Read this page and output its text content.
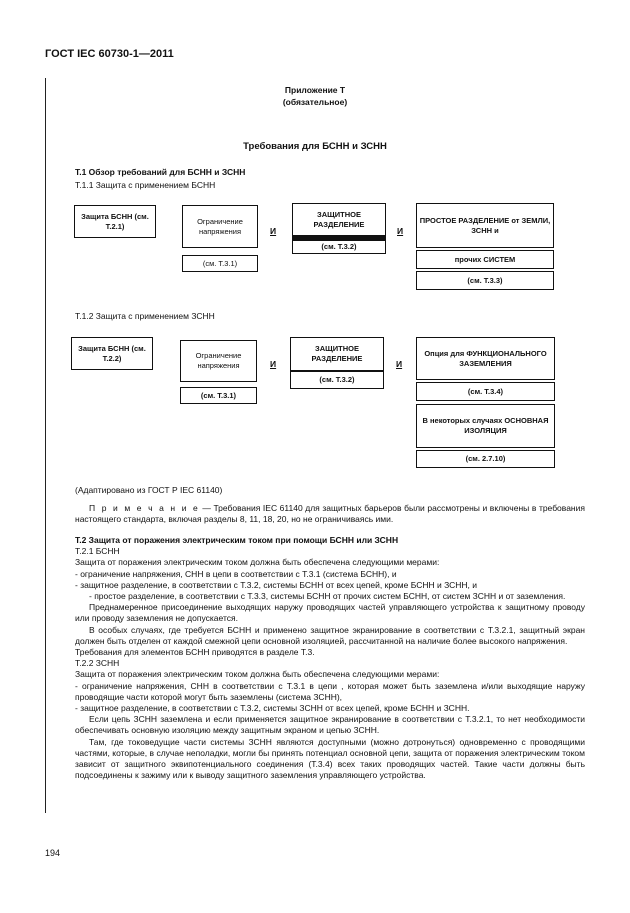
ГОСТ IEC 60730-1—2011
Приложение Т
(обязательное)
Требования для БСНН и ЗСНН
Т.1 Обзор требований для БСНН и ЗСНН
Т.1.1 Защита с применением БСНН
Защита БСНН (см. Т.2.1)
Ограничение напряжения
(см. Т.3.1)
И
ЗАЩИТНОЕ РАЗДЕЛЕНИЕ
(см. Т.3.2)
И
ПРОСТОЕ РАЗДЕЛЕНИЕ от ЗЕМЛИ, ЗСНН и
прочих СИСТЕМ
(см. Т.3.3)
Т.1.2 Защита с применением ЗСНН
Защита БСНН (см. Т.2.2)	Ограничение напряжения
(см. Т.3.1)
И
ЗАЩИТНОЕ РАЗДЕЛЕНИЕ
(см. Т.3.2)
И
Опция для ФУНКЦИОНАЛЬНОГО ЗАЗЕМЛЕНИЯ
(см. Т.3.4)
В некоторых случаях ОСНОВНАЯ ИЗОЛЯЦИЯ
(см. 2.7.10)
(Адаптировано из ГОСТ Р IEC 61140)

П р и м е ч а н и е — Требования IEC 61140 для защитных барьеров были рассмотрены и включены в требования настоящего стандарта, включая разделы 8, 11, 18, 20, но не ограничиваясь ими.

Т.2 Защита от поражения электрическим током при помощи БСНН или ЗСНН

Т.2.1 БСНН

Защита от поражения электрическим током должна быть обеспечена следующими мерами:

- ограничение напряжения, СНН в цепи в соответствии с Т.3.1 (система БСНН), и

- защитное разделение, в соответствии с Т.3.2, системы БСНН от всех цепей, кроме БСНН и ЗСНН, и

- простое разделение, в соответствии с Т.3.3, системы БСНН от прочих систем БСНН, от систем ЗСНН и от заземления.

Преднамеренное присоединение выходящих наружу проводящих частей управляющего устройства к защитному проводу или проводу заземления не допускается.

В особых случаях, где требуется БСНН и применено защитное экранирование в соответствии с Т.3.2.1, защитный экран должен быть отделен от каждой смежной цепи основной изоляцией, рассчитанной на наличие более высокого напряжения.

Требования для элементов БСНН приводятся в разделе Т.3.

Т.2.2 ЗСНН

Защита от поражения электрическим током должна быть обеспечена следующими мерами:

- ограничение напряжения, СНН в соответствии с Т.3.1 в цепи , которая может быть заземлена и/или выходящие наружу проводящие части которой могут быть заземлены (система ЗСНН),

- защитное разделение, в соответствии с Т.3.2, системы ЗСНН от всех цепей, кроме БСНН и ЗСНН.

Если цепь ЗСНН заземлена и если применяется защитное экранирование в соответствии с Т.3.2.1, то нет необходимости обеспечивать основную изоляцию между защитным экраном и цепью ЗСНН.

Там, где токоведущие части системы ЗСНН являются доступными (можно дотронуться) одновременно с проводящими частями, которые, в случае неполадки, могли бы принять потенциал основной цепи, защита от поражения электрическим током зависит от защитного эквипотенциального соединения (Т.3.4) всех таких проводящих частей. Такие части должны быть подсоединены к зажиму или к выводу защитного заземления управляющего устройства.

194
